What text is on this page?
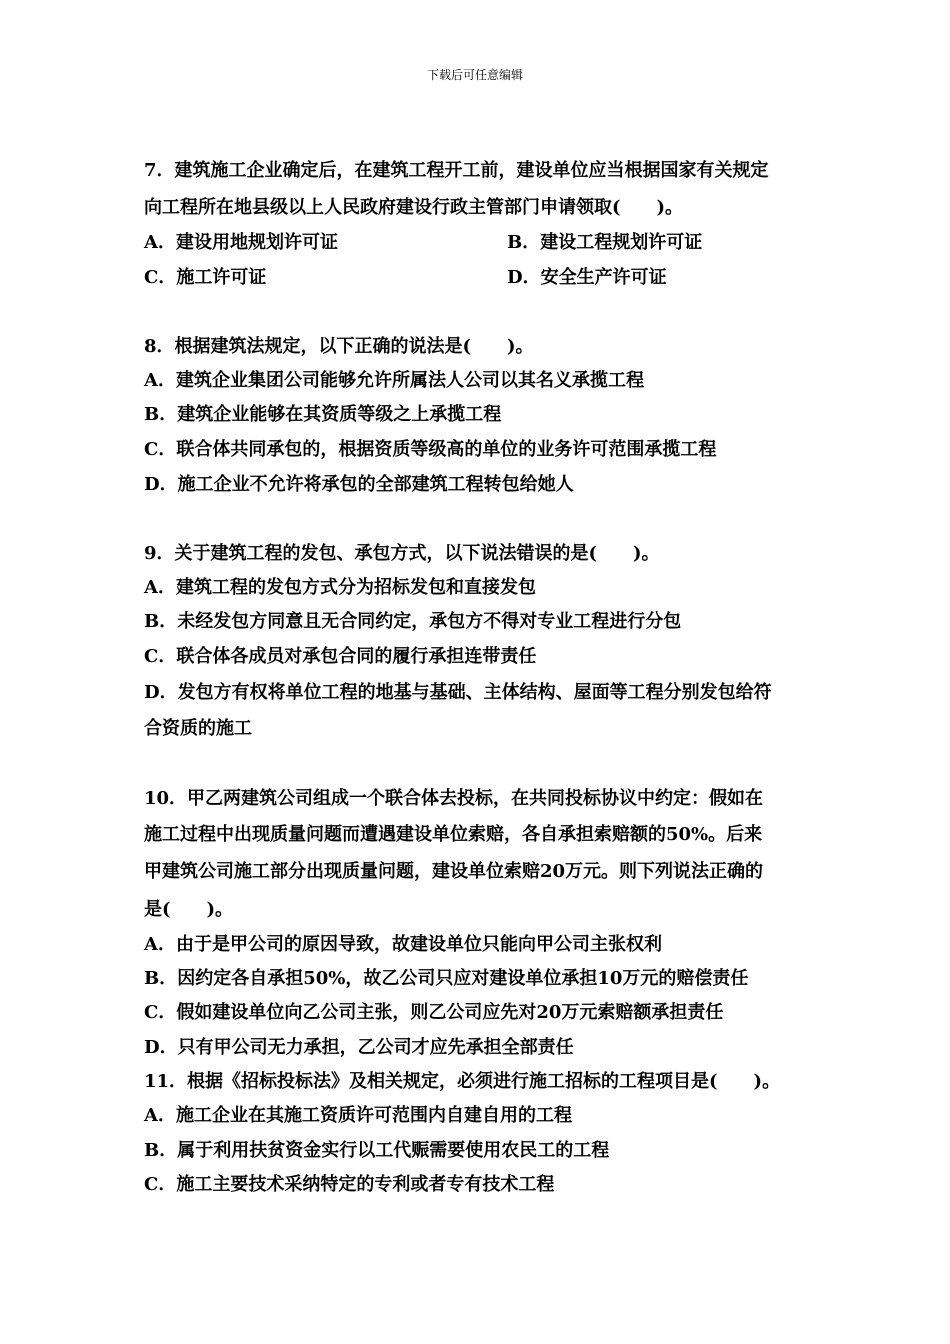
下载后可任意编辑
7．建筑施工企业确定后，在建筑工程开工前，建设单位应当根据国家有关规定
向工程所在地县级以上人民政府建设行政主管部门申请领取(　　)。
A．建设用地规划许可证	B．建设工程规划许可证
C．施工许可证	D．安全生产许可证
8．根据建筑法规定，以下正确的说法是(　　)。
A．建筑企业集团公司能够允许所属法人公司以其名义承揽工程
B．建筑企业能够在其资质等级之上承揽工程
C．联合体共同承包的，根据资质等级高的单位的业务许可范围承揽工程
D．施工企业不允许将承包的全部建筑工程转包给她人
9．关于建筑工程的发包、承包方式，以下说法错误的是(　　)。
A．建筑工程的发包方式分为招标发包和直接发包
B．未经发包方同意且无合同约定，承包方不得对专业工程进行分包
C．联合体各成员对承包合同的履行承担连带责任
D．发包方有权将单位工程的地基与基础、主体结构、屋面等工程分别发包给符
合资质的施工
10．甲乙两建筑公司组成一个联合体去投标，在共同投标协议中约定：假如在
施工过程中出现质量问题而遭遇建设单位索赔，各自承担索赔额的50%。后来
甲建筑公司施工部分出现质量问题，建设单位索赔20万元。则下列说法正确的
是(　　)。
A．由于是甲公司的原因导致，故建设单位只能向甲公司主张权利
B．因约定各自承担50%，故乙公司只应对建设单位承担10万元的赔偿责任
C．假如建设单位向乙公司主张，则乙公司应先对20万元索赔额承担责任
D．只有甲公司无力承担，乙公司才应先承担全部责任
11．根据《招标投标法》及相关规定，必须进行施工招标的工程项目是(　　)。
A．施工企业在其施工资质许可范围内自建自用的工程
B．属于利用扶贫资金实行以工代赈需要使用农民工的工程
C．施工主要技术采纳特定的专利或者专有技术工程
